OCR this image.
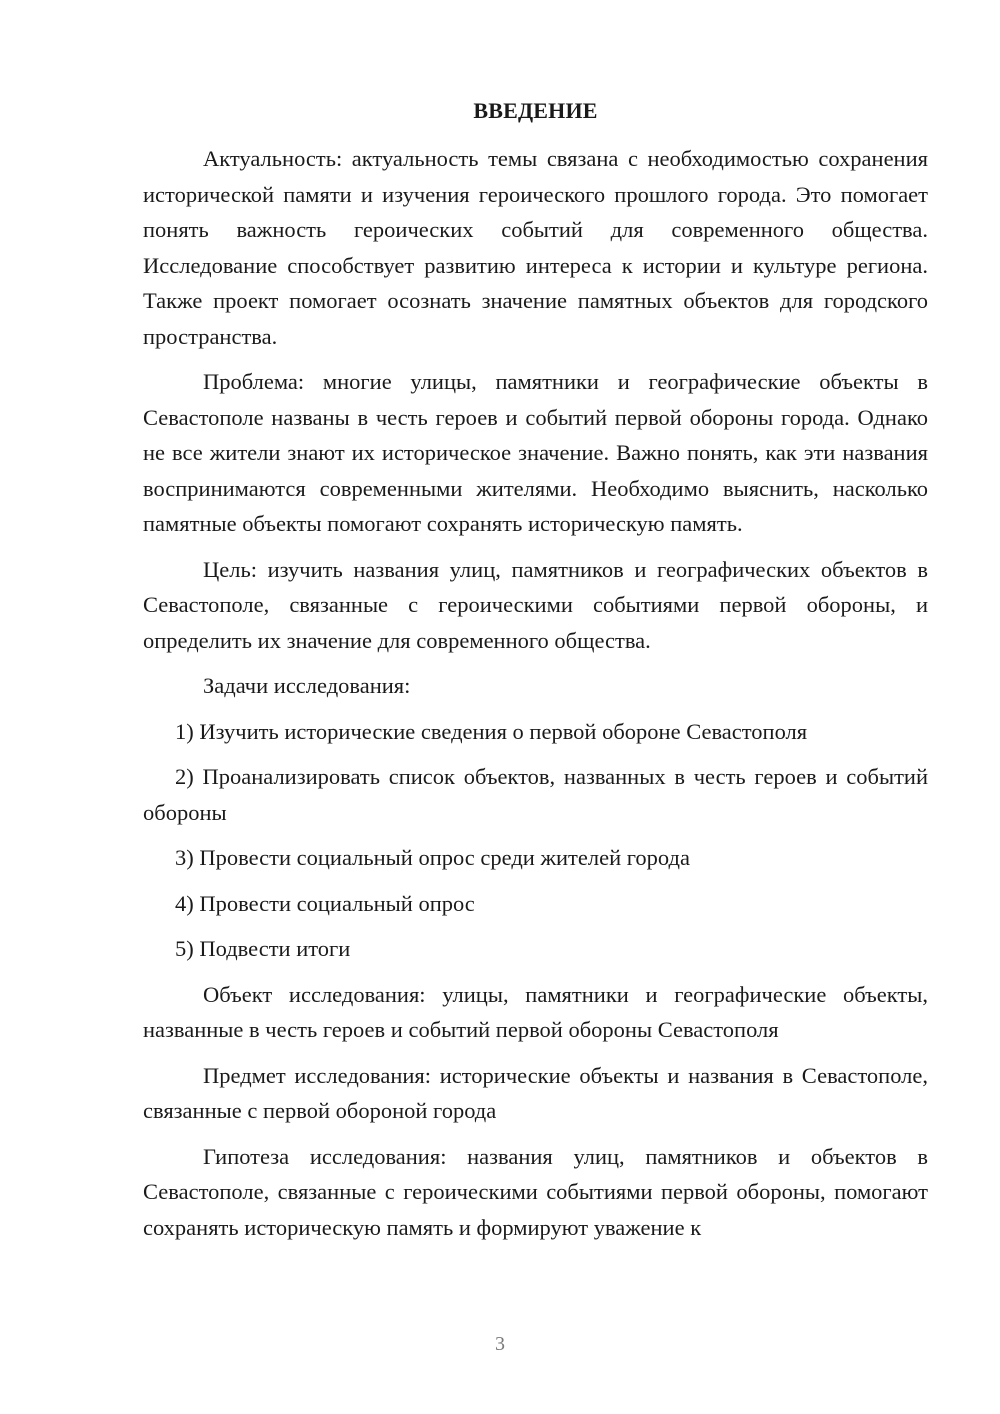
ВВЕДЕНИЕ

Актуальность: актуальность темы связана с необходимостью сохранения исторической памяти и изучения героического прошлого города. Это помогает понять важность героических событий для современного общества. Исследование способствует развитию интереса к истории и культуре региона. Также проект помогает осознать значение памятных объектов для городского пространства.

Проблема: многие улицы, памятники и географические объекты в Севастополе названы в честь героев и событий первой обороны города. Однако не все жители знают их историческое значение. Важно понять, как эти названия воспринимаются современными жителями. Необходимо выяснить, насколько памятные объекты помогают сохранять историческую память.

Цель: изучить названия улиц, памятников и географических объектов в Севастополе, связанные с героическими событиями первой обороны, и определить их значение для современного общества.

Задачи исследования:

1) Изучить исторические сведения о первой обороне Севастополя

2) Проанализировать список объектов, названных в честь героев и событий обороны

3) Провести социальный опрос среди жителей города

4) Провести социальный опрос

5) Подвести итоги

Объект исследования: улицы, памятники и географические объекты, названные в честь героев и событий первой обороны Севастополя

Предмет исследования: исторические объекты и названия в Севастополе, связанные с первой обороной города

Гипотеза исследования: названия улиц, памятников и объектов в Севастополе, связанные с героическими событиями первой обороны, помогают сохранять историческую память и формируют уважение к

3
